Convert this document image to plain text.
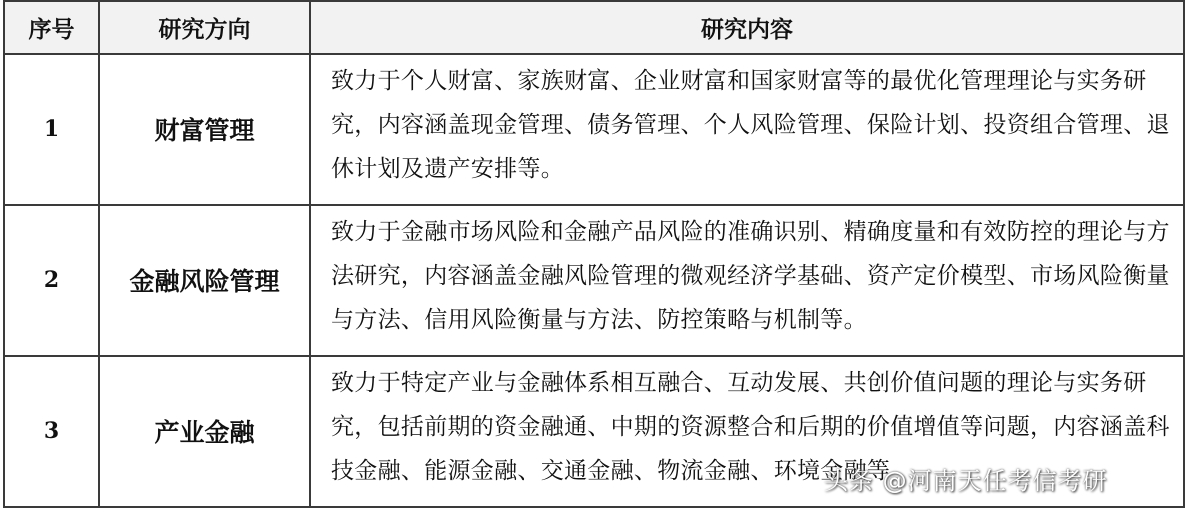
序号	研究方向	研究内容
1	财富管理	致力于个人财富、家族财富、企业财富和国家财富等的最优化管理理论与实务研究，内容涵盖现金管理、债务管理、个人风险管理、保险计划、投资组合管理、退休计划及遗产安排等。
2	金融风险管理	致力于金融市场风险和金融产品风险的准确识别、精确度量和有效防控的理论与方法研究，内容涵盖金融风险管理的微观经济学基础、资产定价模型、市场风险衡量与方法、信用风险衡量与方法、防控策略与机制等。
3	产业金融	致力于特定产业与金融体系相互融合、互动发展、共创价值问题的理论与实务研究，包括前期的资金融通、中期的资源整合和后期的价值增值等问题，内容涵盖科技金融、能源金融、交通金融、物流金融、环境金融等
头条 @河南天任考信考研
